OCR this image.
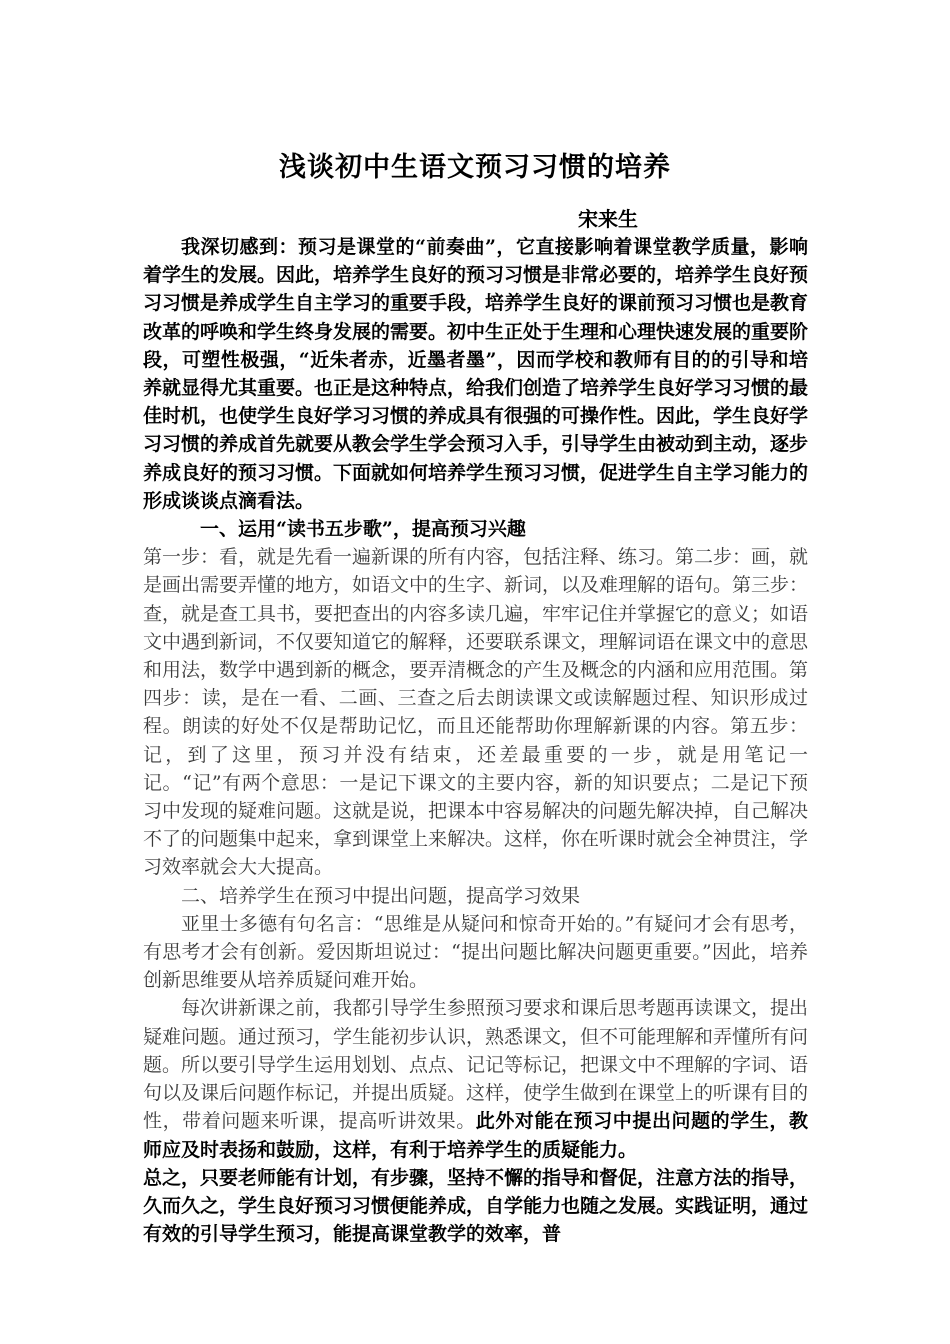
浅谈初中生语文预习习惯的培养
宋来生

我深切感到：预习是课堂的“前奏曲”，它直接影响着课堂教学质量，影响着学生的发展。因此，培养学生良好的预习习惯是非常必要的，培养学生良好预习习惯是养成学生自主学习的重要手段，培养学生良好的课前预习习惯也是教育改革的呼唤和学生终身发展的需要。初中生正处于生理和心理快速发展的重要阶段，可塑性极强，“近朱者赤，近墨者墨”，因而学校和教师有目的的引导和培养就显得尤其重要。也正是这种特点，给我们创造了培养学生良好学习习惯的最佳时机，也使学生良好学习习惯的养成具有很强的可操作性。因此，学生良好学习习惯的养成首先就要从教会学生学会预习入手，引导学生由被动到主动，逐步养成良好的预习习惯。下面就如何培养学生预习习惯，促进学生自主学习能力的形成谈谈点滴看法。

一、运用“读书五步歌”，提高预习兴趣

第一步：看，就是先看一遍新课的所有内容，包括注释、练习。第二步：画，就是画出需要弄懂的地方，如语文中的生字、新词，以及难理解的语句。第三步：查，就是查工具书，要把查出的内容多读几遍，牢牢记住并掌握它的意义；如语文中遇到新词，不仅要知道它的解释，还要联系课文，理解词语在课文中的意思和用法，数学中遇到新的概念，要弄清概念的产生及概念的内涵和应用范围。第四步：读，是在一看、二画、三查之后去朗读课文或读解题过程、知识形成过程。朗读的好处不仅是帮助记忆，而且还能帮助你理解新课的内容。第五步：记，到了这里，预习并没有结束，还差最重要的一步，就是用笔记一记。“记”有两个意思：一是记下课文的主要内容，新的知识要点；二是记下预习中发现的疑难问题。这就是说，把课本中容易解决的问题先解决掉，自己解决不了的问题集中起来，拿到课堂上来解决。这样，你在听课时就会全神贯注，学习效率就会大大提高。

二、培养学生在预习中提出问题，提高学习效果

亚里士多德有句名言：“思维是从疑问和惊奇开始的。”有疑问才会有思考，有思考才会有创新。爱因斯坦说过：“提出问题比解决问题更重要。”因此，培养创新思维要从培养质疑问难开始。

每次讲新课之前，我都引导学生参照预习要求和课后思考题再读课文，提出疑难问题。通过预习，学生能初步认识，熟悉课文，但不可能理解和弄懂所有问题。所以要引导学生运用划划、点点、记记等标记，把课文中不理解的字词、语句以及课后问题作标记，并提出质疑。这样，使学生做到在课堂上的听课有目的性，带着问题来听课，提高听讲效果。此外对能在预习中提出问题的学生，教师应及时表扬和鼓励，这样，有利于培养学生的质疑能力。

总之，只要老师能有计划，有步骤，坚持不懈的指导和督促，注意方法的指导，久而久之，学生良好预习习惯便能养成，自学能力也随之发展。实践证明，通过有效的引导学生预习，能提高课堂教学的效率，普
